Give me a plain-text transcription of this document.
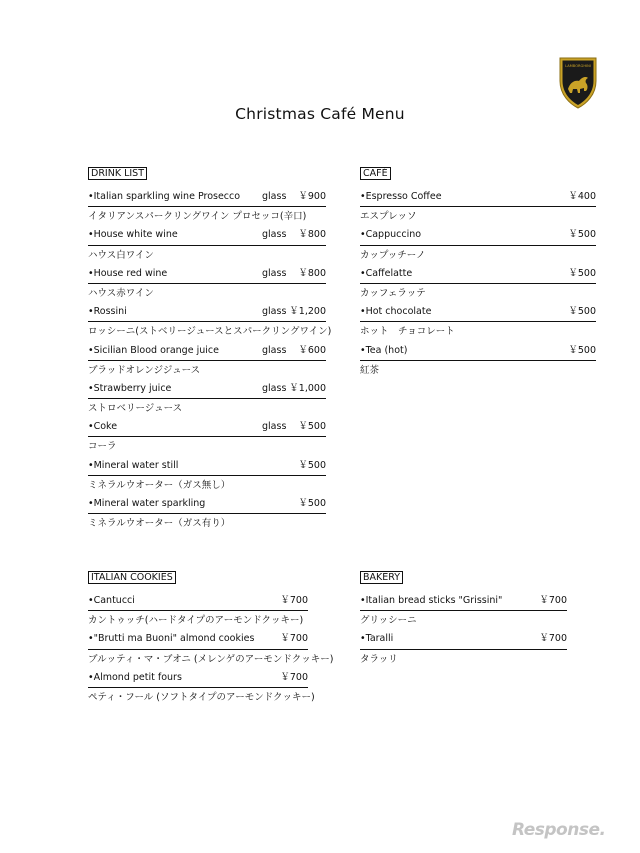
LAMBORGHINI
Christmas Café Menu
DRINK LIST
•Italian sparkling wine Prosecco glass ￥900
イタリアンスパークリングワイン プロセッコ(辛口)
•House white wine	glass ￥800
ハウス白ワイン
•House red wine	glass ￥800
ハウス赤ワイン
•Rossini	glass ￥1,200
ロッシーニ(ストベリージュースとスパークリングワイン)
•Sicilian Blood orange juice	glass ￥600
ブラッドオレンジジュース
•Strawberry juice	glass ￥1,000
ストロベリージュース
•Coke	glass ￥500
コーラ
•Mineral water still	￥500
ミネラルウオーター（ガス無し）
•Mineral water sparkling	￥500
ミネラルウオーター（ガス有り）
CAFÉ
•Espresso Coffee	￥400
エスプレッソ
•Cappuccino	￥500
カップッチーノ
•Caffelatte	￥500
カッフェラッテ
•Hot chocolate	￥500
ホット　チョコレート
•Tea (hot)	￥500
紅茶
ITALIAN COOKIES
•Cantucci	￥700
カントゥッチ(ハードタイプのアーモンドクッキー)
•"Brutti ma Buoni" almond cookies	￥700
ブルッティ・マ・ブオニ (メレンゲのアーモンドクッキー)
•Almond petit fours	￥700
ペティ・フール (ソフトタイプのアーモンドクッキー)
BAKERY
•Italian bread sticks "Grissini"	￥700
グリッシーニ
•Taralli	￥700
タラッリ
Response.
